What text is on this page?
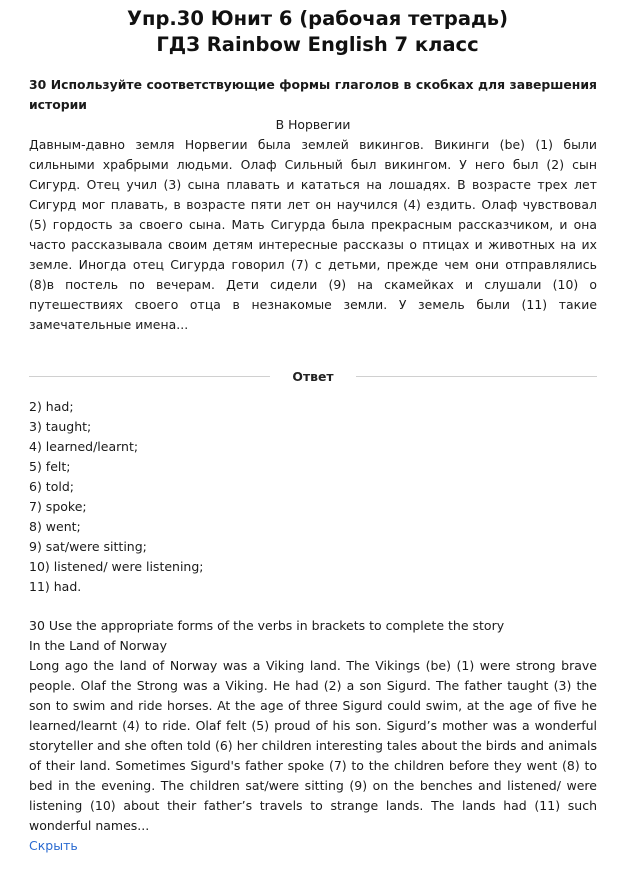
Упр.30 Юнит 6 (рабочая тетрадь)
ГДЗ Rainbow English 7 класс

30 Используйте соответствующие формы глаголов в скобках для завершения истории

В Норвегии

Давным-давно земля Норвегии была землей викингов. Викинги (be) (1) были сильными храбрыми людьми. Олаф Сильный был викингом. У него был (2) сын Сигурд. Отец учил (3) сына плавать и кататься на лошадях. В возрасте трех лет Сигурд мог плавать, в возрасте пяти лет он научился (4) ездить. Олаф чувствовал (5) гордость за своего сына. Мать Сигурда была прекрасным рассказчиком, и она часто рассказывала своим детям интересные рассказы о птицах и животных на их земле. Иногда отец Сигурда говорил (7) с детьми, прежде чем они отправлялись (8)в постель по вечерам. Дети сидели (9) на скамейках и слушали (10) о путешествиях своего отца в незнакомые земли. У земель были (11) такие замечательные имена...

Ответ
2) had;
3) taught;
4) learned/learnt;
5) felt;
6) told;
7) spoke;
8) went;
9) sat/were sitting;
10) listened/ were listening;
11) had.

30 Use the appropriate forms of the verbs in brackets to complete the story

In the Land of Norway

Long ago the land of Norway was a Viking land. The Vikings (be) (1) were strong brave people. Olaf the Strong was a Viking. He had (2) a son Sigurd. The father taught (3) the son to swim and ride horses. At the age of three Sigurd could swim, at the age of five he learned/learnt (4) to ride. Olaf felt (5) proud of his son. Sigurd’s mother was a wonderful storyteller and she often told (6) her children interesting tales about the birds and animals of their land. Sometimes Sigurd's father spoke (7) to the children before they went (8) to bed in the evening. The children sat/were sitting (9) on the benches and listened/ were listening (10) about their father’s travels to strange lands. The lands had (11) such wonderful names...

Скрыть
